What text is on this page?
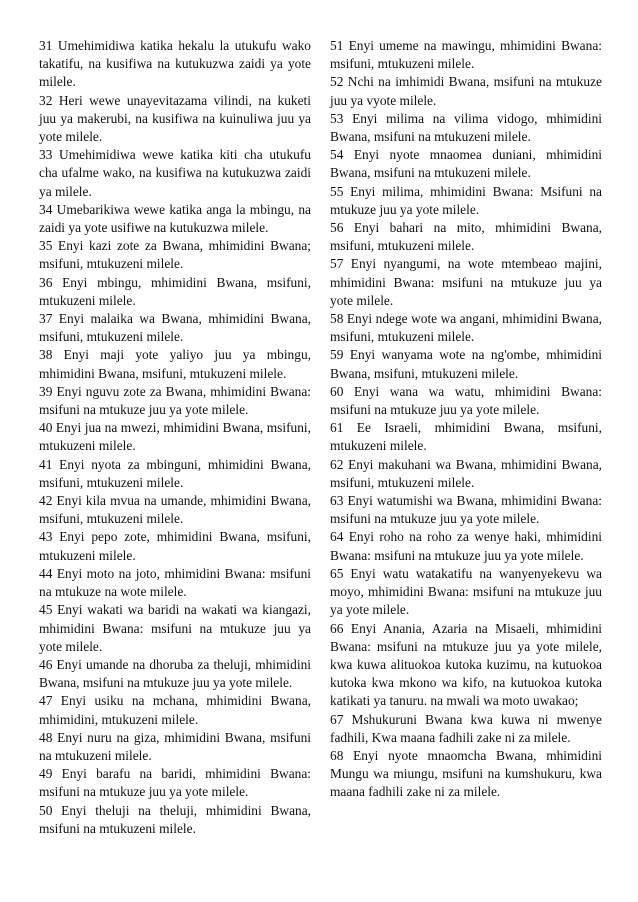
31 Umehimidiwa katika hekalu la utukufu wako takatifu, na kusifiwa na kutukuzwa zaidi ya yote milele.

32 Heri wewe unayevitazama vilindi, na kuketi juu ya makerubi, na kusifiwa na kuinuliwa juu ya yote milele.

33 Umehimidiwa wewe katika kiti cha utukufu cha ufalme wako, na kusifiwa na kutukuzwa zaidi ya milele.

34 Umebarikiwa wewe katika anga la mbingu, na zaidi ya yote usifiwe na kutukuzwa milele.

35 Enyi kazi zote za Bwana, mhimidini Bwana; msifuni, mtukuzeni milele.

36 Enyi mbingu, mhimidini Bwana, msifuni, mtukuzeni milele.

37 Enyi malaika wa Bwana, mhimidini Bwana, msifuni, mtukuzeni milele.

38 Enyi maji yote yaliyo juu ya mbingu, mhimidini Bwana, msifuni, mtukuzeni milele.

39 Enyi nguvu zote za Bwana, mhimidini Bwana: msifuni na mtukuze juu ya yote milele.

40 Enyi jua na mwezi, mhimidini Bwana, msifuni, mtukuzeni milele.

41 Enyi nyota za mbinguni, mhimidini Bwana, msifuni, mtukuzeni milele.

42 Enyi kila mvua na umande, mhimidini Bwana, msifuni, mtukuzeni milele.

43 Enyi pepo zote, mhimidini Bwana, msifuni, mtukuzeni milele.

44 Enyi moto na joto, mhimidini Bwana: msifuni na mtukuze na wote milele.

45 Enyi wakati wa baridi na wakati wa kiangazi, mhimidini Bwana: msifuni na mtukuze juu ya yote milele.

46 Enyi umande na dhoruba za theluji, mhimidini Bwana, msifuni na mtukuze juu ya yote milele.

47 Enyi usiku na mchana, mhimidini Bwana, mhimidini, mtukuzeni milele.

48 Enyi nuru na giza, mhimidini Bwana, msifuni na mtukuzeni milele.

49 Enyi barafu na baridi, mhimidini Bwana: msifuni na mtukuze juu ya yote milele.

50 Enyi theluji na theluji, mhimidini Bwana, msifuni na mtukuzeni milele.

51 Enyi umeme na mawingu, mhimidini Bwana: msifuni, mtukuzeni milele.

52 Nchi na imhimidi Bwana, msifuni na mtukuze juu ya vyote milele.

53 Enyi milima na vilima vidogo, mhimidini Bwana, msifuni na mtukuzeni milele.

54 Enyi nyote mnaomea duniani, mhimidini Bwana, msifuni na mtukuzeni milele.

55 Enyi milima, mhimidini Bwana: Msifuni na mtukuze juu ya yote milele.

56 Enyi bahari na mito, mhimidini Bwana, msifuni, mtukuzeni milele.

57 Enyi nyangumi, na wote mtembeao majini, mhimidini Bwana: msifuni na mtukuze juu ya yote milele.

58 Enyi ndege wote wa angani, mhimidini Bwana, msifuni, mtukuzeni milele.

59 Enyi wanyama wote na ng'ombe, mhimidini Bwana, msifuni, mtukuzeni milele.

60 Enyi wana wa watu, mhimidini Bwana: msifuni na mtukuze juu ya yote milele.

61 Ee Israeli, mhimidini Bwana, msifuni, mtukuzeni milele.

62 Enyi makuhani wa Bwana, mhimidini Bwana, msifuni, mtukuzeni milele.

63 Enyi watumishi wa Bwana, mhimidini Bwana: msifuni na mtukuze juu ya yote milele.

64 Enyi roho na roho za wenye haki, mhimidini Bwana: msifuni na mtukuze juu ya yote milele.

65 Enyi watu watakatifu na wanyenyekevu wa moyo, mhimidini Bwana: msifuni na mtukuze juu ya yote milele.

66 Enyi Anania, Azaria na Misaeli, mhimidini Bwana: msifuni na mtukuze juu ya yote milele, kwa kuwa alituokoa kutoka kuzimu, na kutuokoa kutoka kwa mkono wa kifo, na kutuokoa kutoka katikati ya tanuru. na mwali wa moto uwakao;

67 Mshukuruni Bwana kwa kuwa ni mwenye fadhili, Kwa maana fadhili zake ni za milele.

68 Enyi nyote mnaomcha Bwana, mhimidini Mungu wa miungu, msifuni na kumshukuru, kwa maana fadhili zake ni za milele.
